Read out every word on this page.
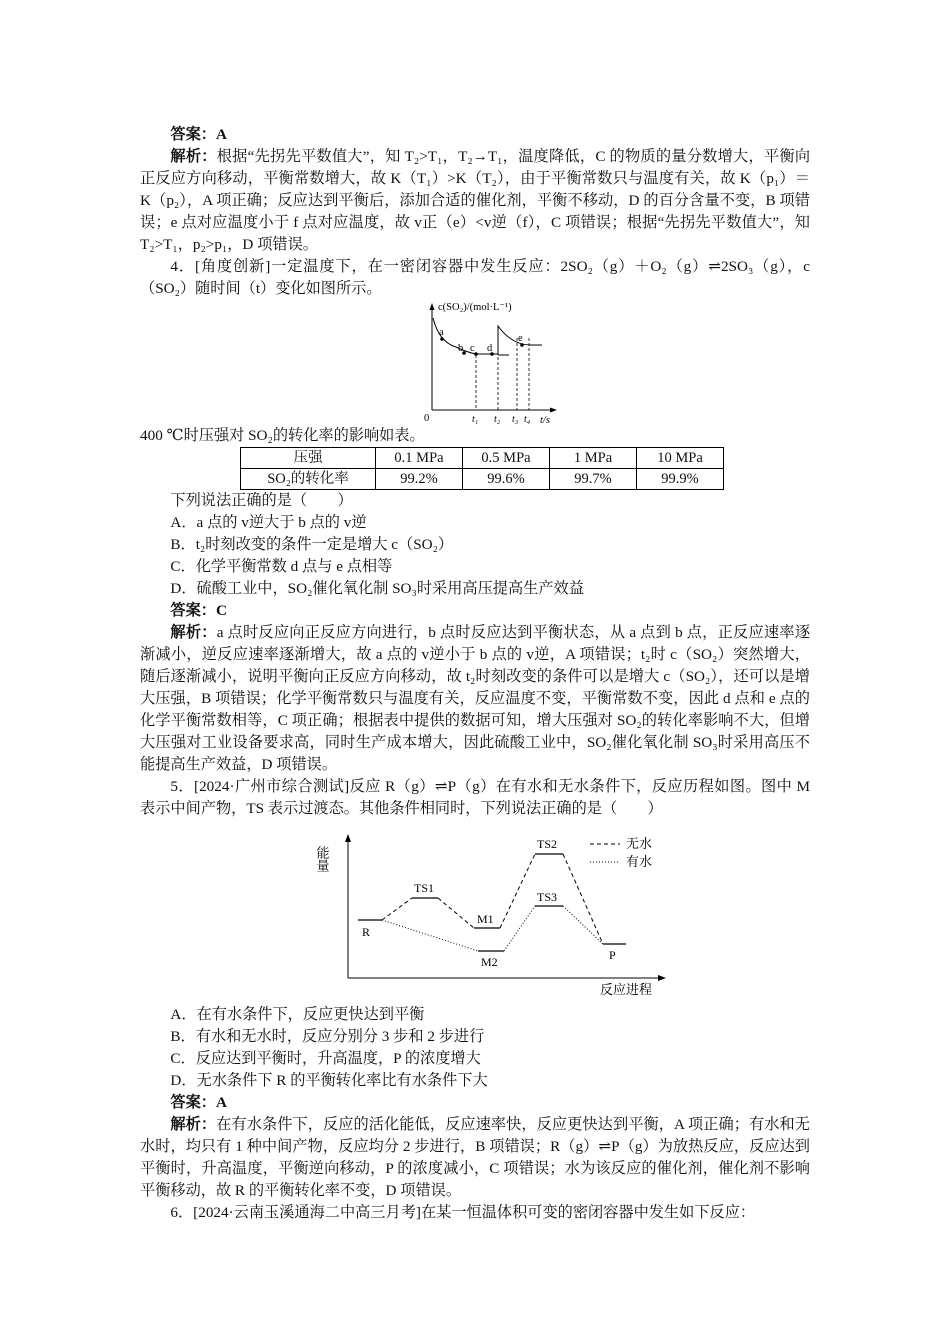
答案：A

解析：根据“先拐先平数值大”，知 T₂>T₁，T₂→T₁，温度降低，C 的物质的量分数增大，平衡向正反应方向移动，平衡常数增大，故 K（T₁）>K（T₂），由于平衡常数只与温度有关，故 K（p₁）＝K（p₂），A 项正确；反应达到平衡后，添加合适的催化剂，平衡不移动，D 的百分含量不变，B 项错误；e 点对应温度小于 f 点对应温度，故 v正（e）<v逆（f），C 项错误；根据“先拐先平数值大”，知 T₂>T₁，p₂>p₁，D 项错误。

4．[角度创新]一定温度下，在一密闭容器中发生反应：2SO₂（g）＋O₂（g）⇌2SO₃（g），c（SO₂）随时间（t）变化如图所示。

c(SO₂)/(mol·L⁻¹)
t/s
0
a
b c d
e
t₁ t₂ t₃ t₄

400 ℃时压强对 SO₂的转化率的影响如表。

压强	0.1 MPa	0.5 MPa	1 MPa	10 MPa
SO₂的转化率	99.2%	99.6%	99.7%	99.9%

下列说法正确的是（　　）

A．a 点的 v逆大于 b 点的 v逆

B．t₂时刻改变的条件一定是增大 c（SO₂）

C．化学平衡常数 d 点与 e 点相等

D．硫酸工业中，SO₂催化氧化制 SO₃时采用高压提高生产效益

答案：C

解析：a 点时反应向正反应方向进行，b 点时反应达到平衡状态，从 a 点到 b 点，正反应速率逐渐减小，逆反应速率逐渐增大，故 a 点的 v逆小于 b 点的 v逆，A 项错误；t₂时 c（SO₂）突然增大，随后逐渐减小，说明平衡向正反应方向移动，故 t₂时刻改变的条件可以是增大 c（SO₂），还可以是增大压强，B 项错误；化学平衡常数只与温度有关，反应温度不变，平衡常数不变，因此 d 点和 e 点的化学平衡常数相等，C 项正确；根据表中提供的数据可知，增大压强对 SO₂的转化率影响不大，但增大压强对工业设备要求高，同时生产成本增大，因此硫酸工业中，SO₂催化氧化制 SO₃时采用高压不能提高生产效益，D 项错误。

5．[2024·广州市综合测试]反应 R（g）⇌P（g）在有水和无水条件下，反应历程如图。图中 M 表示中间产物，TS 表示过渡态。其他条件相同时，下列说法正确的是（　　）

能量
反应进程
无水
有水
R
TS1
M1
TS2
M2
TS3
P

A．在有水条件下，反应更快达到平衡

B．有水和无水时，反应分别分 3 步和 2 步进行

C．反应达到平衡时，升高温度，P 的浓度增大

D．无水条件下 R 的平衡转化率比有水条件下大

答案：A

解析：在有水条件下，反应的活化能低，反应速率快，反应更快达到平衡，A 项正确；有水和无水时，均只有 1 种中间产物，反应均分 2 步进行，B 项错误；R（g）⇌P（g）为放热反应，反应达到平衡时，升高温度，平衡逆向移动，P 的浓度减小，C 项错误；水为该反应的催化剂，催化剂不影响平衡移动，故 R 的平衡转化率不变，D 项错误。

6．[2024·云南玉溪通海二中高三月考]在某一恒温体积可变的密闭容器中发生如下反应：
